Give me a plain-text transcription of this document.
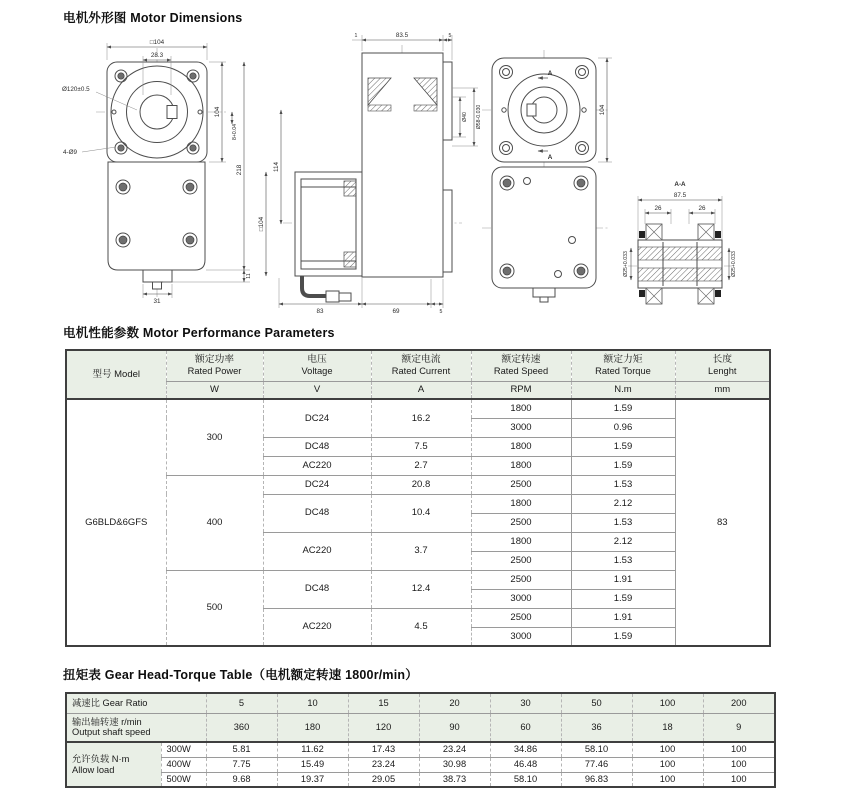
电机外形图 Motor Dimensions
□104
28.3
Ø120±0.5
4-Ø9
104
8+0.04
218
11
31
1	83.5	5
Ø40 Ø58-0.030
114
□104
83	69	5
A
A
104
A-A
87.5
26	26
Ø25+0.033	Ø25+0.033
电机性能参数 Motor Performance Parameters
型号 Model	
额定功率
Rated Power

电压
Voltage

额定电流
Rated Current

额定转速
Rated Speed

额定力矩
Rated Torque

长度
Lenght

	W	V	A	RPM	N.m	mm
G6BLD&6GFS	300	DC24	16.2	1800	1.59	83
				3000	0.96	
		DC48	7.5	1800	1.59	
		AC220	2.7	1800	1.59	
	400	DC24	20.8	2500	1.53	
		DC48	10.4	1800	2.12	
				2500	1.53	
		AC220	3.7	1800	2.12	
				2500	1.53	
	500	DC48	12.4	2500	1.91	
				3000	1.59	
		AC220	4.5	2500	1.91	
				3000	1.59	
扭矩表 Gear Head-Torque Table（电机额定转速 1800r/min）
减速比 Gear Ratio		5	10	15	20	30	50	100	200

输出轴转速 r/min
Output shaft speed		360	180	120	90	60	36	18	9

允许负载 N·m
Allow load	300W	5.81	11.62	17.43	23.24	34.86	58.10	100	100
	400W	7.75	15.49	23.24	30.98	46.48	77.46	100	100
	500W	9.68	19.37	29.05	38.73	58.10	96.83	100	100
